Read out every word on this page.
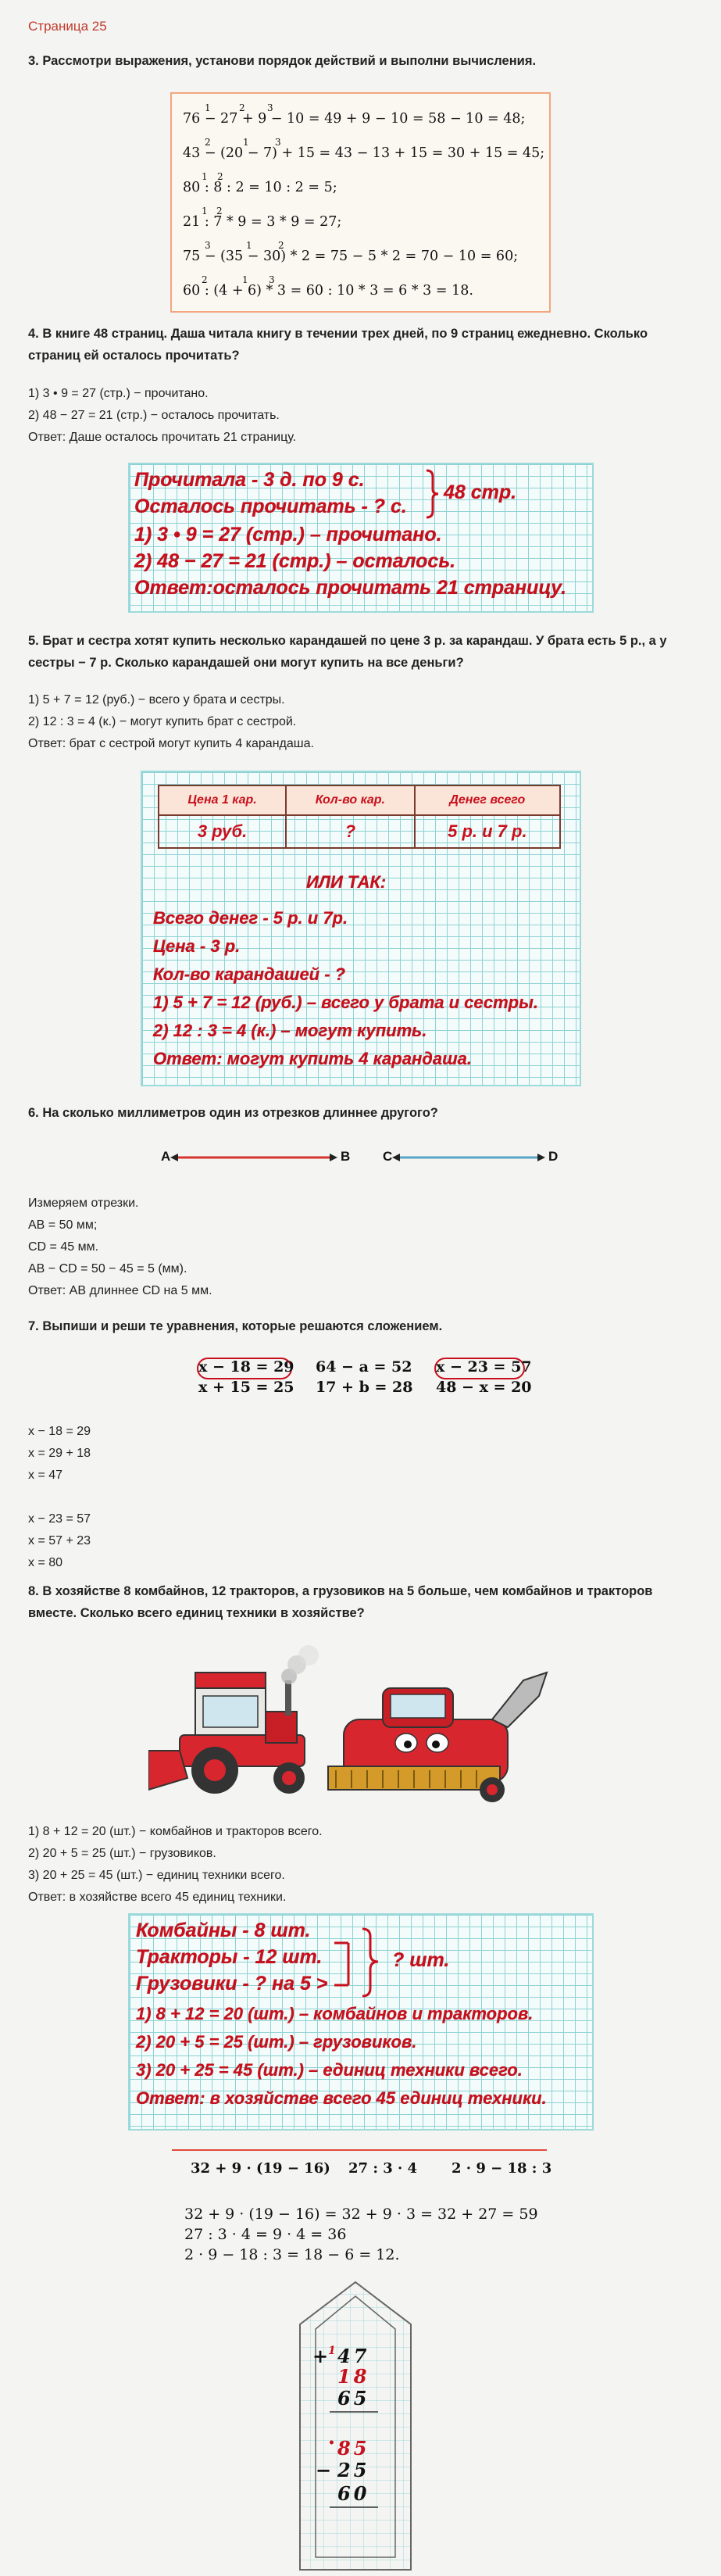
Страница 25
3. Рассмотри выражения, установи порядок действий и выполни вычисления.
76 − 27 + 9 − 10 = 49 + 9 − 10 = 58 − 10 = 48;
43 − (20 − 7) + 15 = 43 − 13 + 15 = 30 + 15 = 45;
80 : 8 : 2 = 10 : 2 = 5;
21 : 7 * 9 = 3 * 9 = 27;
75 − (35 − 30) * 2 = 75 − 5 * 2 = 70 − 10 = 60;
60 : (4 + 6) * 3 = 60 : 10 * 3 = 6 * 3 = 18.
1	2 3
2	1	3
1 2
1 2
3	1	2
2	1 3
4. В книге 48 страниц. Даша читала книгу в течении трех дней, по 9 страниц ежедневно. Сколько страниц ей осталось прочитать?
1) 3 • 9 = 27 (стр.) − прочитано.
2) 48 − 27 = 21 (стр.) − осталось прочитать.
Ответ: Даше осталось прочитать 21 страницу.
Прочитала - 3 д. по 9 с.
Осталось прочитать - ? с.
48 стр.
1) 3 • 9 = 27 (стр.) – прочитано.
2) 48 − 27 = 21 (стр.) – осталось.
Ответ:осталось прочитать 21 страницу.
5. Брат и сестра хотят купить несколько карандашей по цене 3 р. за карандаш. У брата есть 5 р., а у сестры − 7 р. Сколько карандашей они могут купить на все деньги?
1) 5 + 7 = 12 (руб.) − всего у брата и сестры.
2) 12 : 3 = 4 (к.) − могут купить брат с сестрой.
Ответ: брат с сестрой могут купить 4 карандаша.
Цена 1 кар.	Кол-во кар.	Денег всего
3 руб.	?	5 р. и 7 р.
ИЛИ ТАК:
Всего денег - 5 р. и 7р.
Цена - 3 р.
Кол-во карандашей - ?
1) 5 + 7 = 12 (руб.) – всего у брата и сестры.
2) 12 : 3 = 4 (к.) – могут купить.
Ответ: могут купить 4 карандаша.
6. На сколько миллиметров один из отрезков длиннее другого?
A	B C	D
Измеряем отрезки.
AB = 50 мм;
CD = 45 мм.
AB − CD = 50 − 45 = 5 (мм).
Ответ: AB длиннее CD на 5 мм.
7. Выпиши и реши те уравнения, которые решаются сложением.
x − 18 = 29 64 − a = 52 x − 23 = 57
x + 15 = 25 17 + b = 28 48 − x = 20
x − 18 = 29
x = 29 + 18
x = 47
x − 23 = 57
x = 57 + 23
x = 80
8. В хозяйстве 8 комбайнов, 12 тракторов, а грузовиков на 5 больше, чем комбайнов и тракторов вместе. Сколько всего единиц техники в хозяйстве?
1) 8 + 12 = 20 (шт.) − комбайнов и тракторов всего.
2) 20 + 5 = 25 (шт.) − грузовиков.
3) 20 + 25 = 45 (шт.) − единиц техники всего.
Ответ: в хозяйстве всего 45 единиц техники.
Комбайны - 8 шт.
Тракторы - 12 шт.
Грузовики - ? на 5 >
? шт.
1) 8 + 12 = 20 (шт.) – комбайнов и тракторов.
2) 20 + 5 = 25 (шт.) – грузовиков.
3) 20 + 25 = 45 (шт.) – единиц техники всего.
Ответ: в хозяйстве всего 45 единиц техники.
32 + 9 · (19 − 16) 27 : 3 · 4 2 · 9 − 18 : 3
32 + 9 · (19 − 16) = 32 + 9 · 3 = 32 + 27 = 59
27 : 3 · 4 = 9 · 4 = 36
2 · 9 − 18 : 3 = 18 − 6 = 12.
+ 1 47
18
65
• 85
− 25
60
